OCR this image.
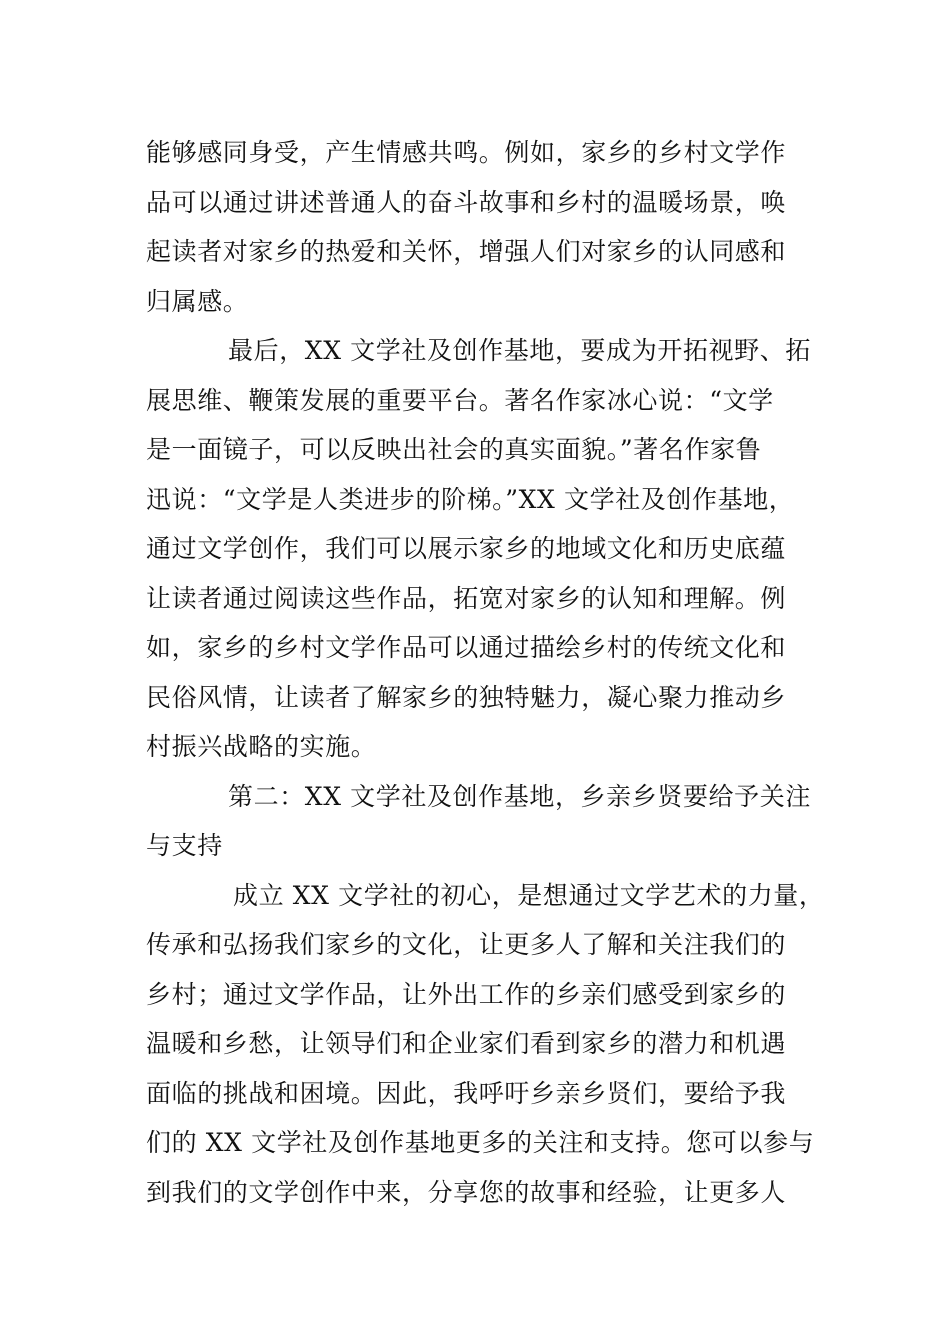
能够感同身受，产生情感共鸣。例如，家乡的乡村文学作
品可以通过讲述普通人的奋斗故事和乡村的温暖场景，唤
起读者对家乡的热爱和关怀，增强人们对家乡的认同感和
归属感。
最后，XX 文学社及创作基地，要成为开拓视野、拓
展思维、鞭策发展的重要平台。著名作家冰心说：“文学
是一面镜子，可以反映出社会的真实面貌。”著名作家鲁
迅说：“文学是人类进步的阶梯。”XX 文学社及创作基地，
通过文学创作，我们可以展示家乡的地域文化和历史底蕴
让读者通过阅读这些作品，拓宽对家乡的认知和理解。例
如，家乡的乡村文学作品可以通过描绘乡村的传统文化和
民俗风情，让读者了解家乡的独特魅力，凝心聚力推动乡
村振兴战略的实施。
第二：XX 文学社及创作基地，乡亲乡贤要给予关注
与支持
成立 XX 文学社的初心，是想通过文学艺术的力量，
传承和弘扬我们家乡的文化，让更多人了解和关注我们的
乡村；通过文学作品，让外出工作的乡亲们感受到家乡的
温暖和乡愁，让领导们和企业家们看到家乡的潜力和机遇
面临的挑战和困境。因此，我呼吁乡亲乡贤们，要给予我
们的 XX 文学社及创作基地更多的关注和支持。您可以参与
到我们的文学创作中来，分享您的故事和经验，让更多人
